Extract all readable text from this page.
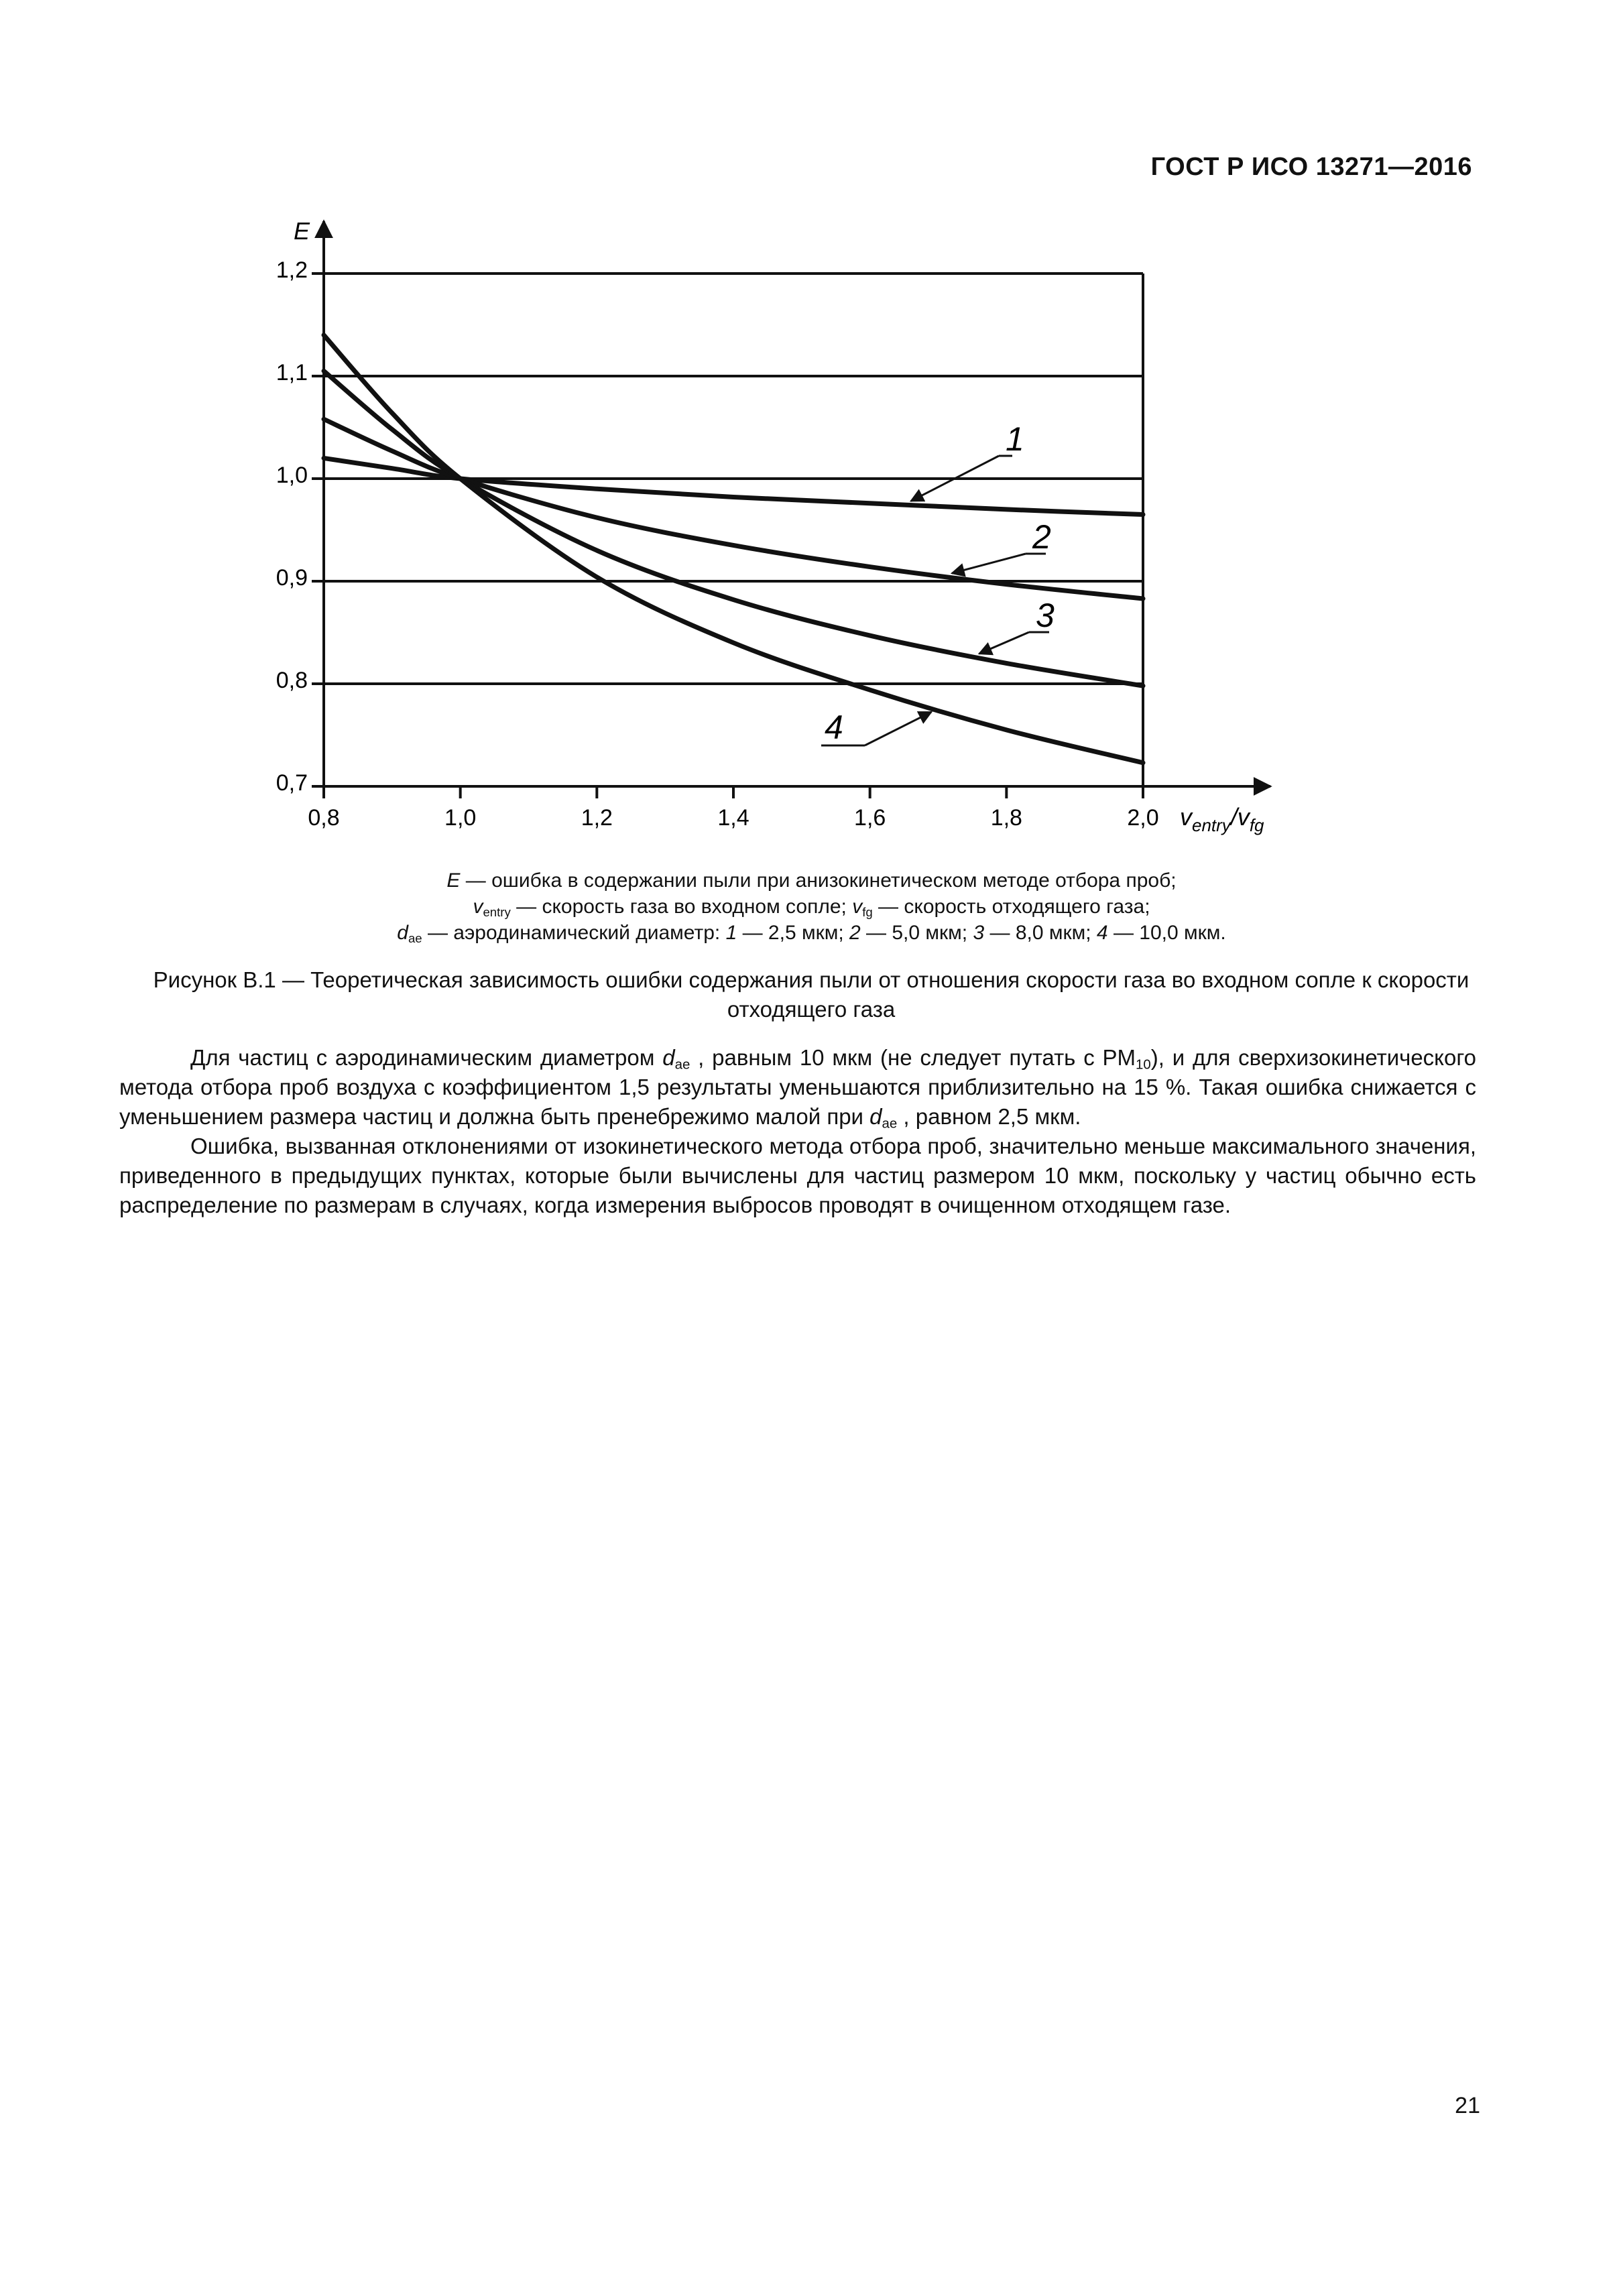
ГОСТ Р ИСО 13271—2016
0,7
0,8
0,9
1,0
1,1
1,2
0,8	1,0	1,2	1,4	1,6	1,8	2,0
E
$v_{entry}/v_{fg}$
1
2
3
4
E — ошибка в содержании пыли при анизокинетическом методе отбора проб;
$v_{entry}$ — скорость газа во входном сопле; $v_{fg}$ — скорость отходящего газа;
$d_{ae}$ — аэродинамический диаметр: 1 — 2,5 мкм; 2 — 5,0 мкм; 3 — 8,0 мкм; 4 — 10,0 мкм.
Рисунок В.1 — Теоретическая зависимость ошибки содержания пыли от отношения скорости газа во входном сопле к скорости отходящего газа

Для частиц с аэродинамическим диаметром $d_{ae}$ , равным 10 мкм (не следует путать с $PM_{10}$), и для сверхизокинетического метода отбора проб воздуха с коэффициентом 1,5 результаты уменьшаются приблизительно на 15 %. Такая ошибка снижается с уменьшением размера частиц и должна быть пренебрежимо малой при $d_{ae}$ , равном 2,5 мкм.

Ошибка, вызванная отклонениями от изокинетического метода отбора проб, значительно меньше максимального значения, приведенного в предыдущих пунктах, которые были вычислены для частиц размером 10 мкм, поскольку у частиц обычно есть распределение по размерам в случаях, когда измерения выбросов проводят в очищенном отходящем газе.

21
